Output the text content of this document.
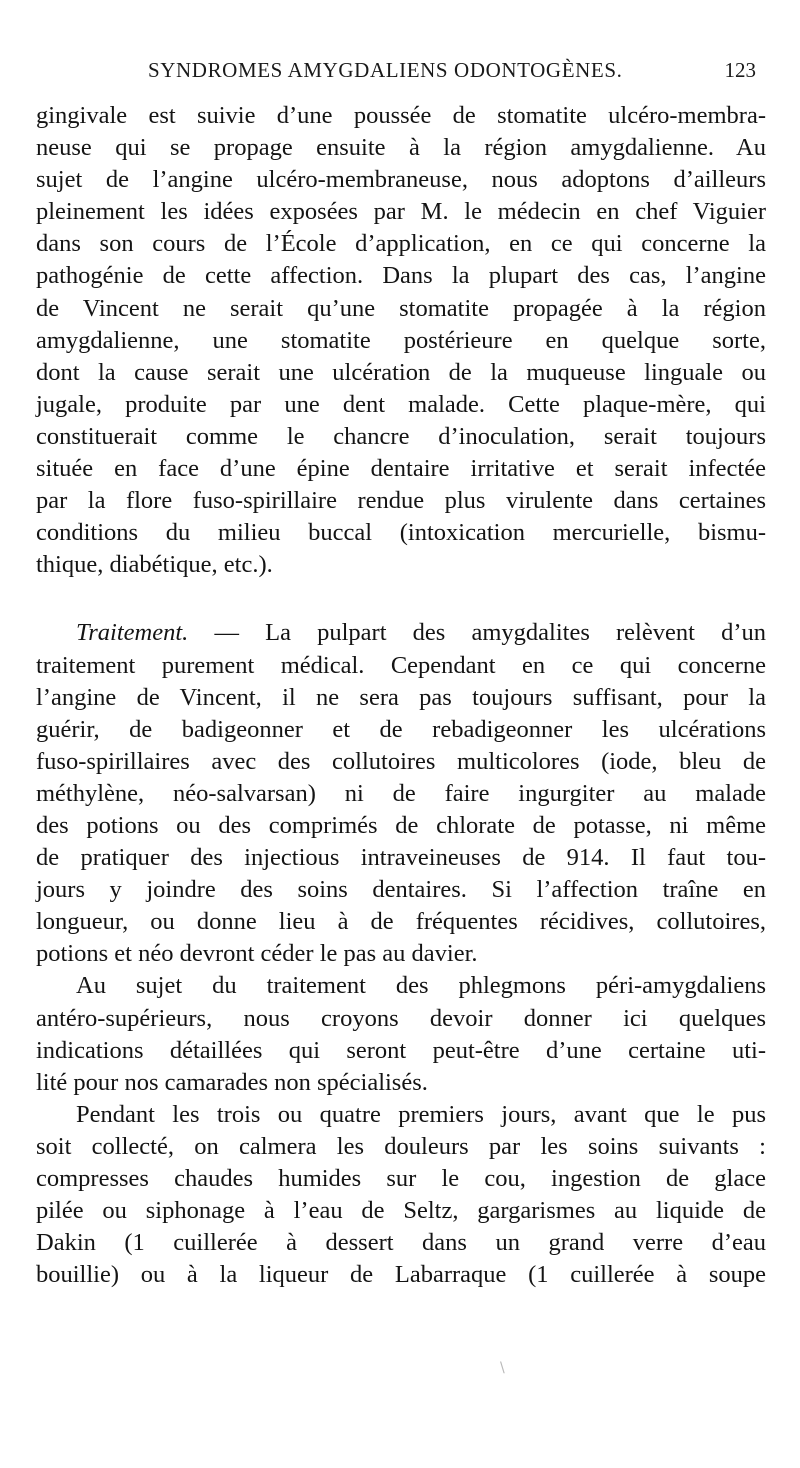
SYNDROMES AMYGDALIENS ODONTOGÈNES.	123
gingivale est suivie d’une poussée de stomatite ulcéro-membra-
neuse qui se propage ensuite à la région amygdalienne. Au
sujet de l’angine ulcéro-membraneuse, nous adoptons d’ailleurs
pleinement les idées exposées par M. le médecin en chef Viguier
dans son cours de l’École d’application, en ce qui concerne la
pathogénie de cette affection. Dans la plupart des cas, l’angine
de Vincent ne serait qu’une stomatite propagée à la région
amygdalienne, une stomatite postérieure en quelque sorte,
dont la cause serait une ulcération de la muqueuse linguale ou
jugale, produite par une dent malade. Cette plaque-mère, qui
constituerait comme le chancre d’inoculation, serait toujours
située en face d’une épine dentaire irritative et serait infectée
par la flore fuso-spirillaire rendue plus virulente dans certaines
conditions du milieu buccal (intoxication mercurielle, bismu-
thique, diabétique, etc.).
Traitement. — La pulpart des amygdalites relèvent d’un
traitement purement médical. Cependant en ce qui concerne
l’angine de Vincent, il ne sera pas toujours suffisant, pour la
guérir, de badigeonner et de rebadigeonner les ulcérations
fuso-spirillaires avec des collutoires multicolores (iode, bleu de
méthylène, néo-salvarsan) ni de faire ingurgiter au malade
des potions ou des comprimés de chlorate de potasse, ni même
de pratiquer des injectious intraveineuses de 914. Il faut tou-
jours y joindre des soins dentaires. Si l’affection traîne en
longueur, ou donne lieu à de fréquentes récidives, collutoires,
potions et néo devront céder le pas au davier.
Au sujet du traitement des phlegmons péri-amygdaliens
antéro-supérieurs, nous croyons devoir donner ici quelques
indications détaillées qui seront peut-être d’une certaine uti-
lité pour nos camarades non spécialisés.
Pendant les trois ou quatre premiers jours, avant que le pus
soit collecté, on calmera les douleurs par les soins suivants :
compresses chaudes humides sur le cou, ingestion de glace
pilée ou siphonage à l’eau de Seltz, gargarismes au liquide de
Dakin (1 cuillerée à dessert dans un grand verre d’eau
bouillie) ou à la liqueur de Labarraque (1 cuillerée à soupe
\
